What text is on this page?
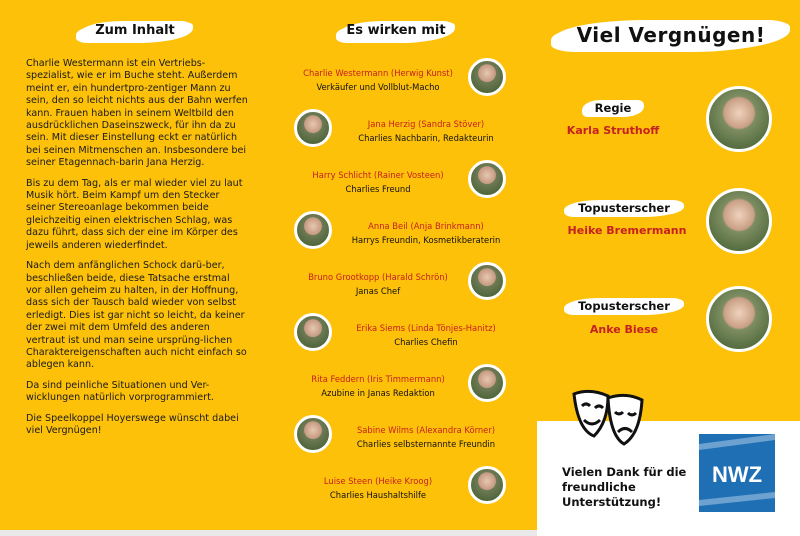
Zum Inhalt	Es wirken mit	Viel Vergnügen!

Charlie Westermann ist ein Vertriebs-spezialist, wie er im Buche steht. Außerdem meint er, ein hundertpro-zentiger Mann zu sein, den so leicht nichts aus der Bahn werfen kann. Frauen haben in seinem Weltbild den ausdrücklichen Daseinszweck, für ihn da zu sein. Mit dieser Einstellung eckt er natürlich bei seinen Mitmenschen an. Insbesondere bei seiner Etagennach-barin Jana Herzig.

Bis zu dem Tag, als er mal wieder viel zu laut Musik hört. Beim Kampf um den Stecker seiner Stereoanlage bekommen beide gleichzeitig einen elektrischen Schlag, was dazu führt, dass sich der eine im Körper des jeweils anderen wiederfindet.

Nach dem anfänglichen Schock darü-ber, beschließen beide, diese Tatsache erstmal vor allen geheim zu halten, in der Hoffnung, dass sich der Tausch bald wieder von selbst erledigt. Dies ist gar nicht so leicht, da keiner der zwei mit dem Umfeld des anderen vertraut ist und man seine ursprüng-lichen Charaktereigenschaften auch nicht einfach so ablegen kann.

Da sind peinliche Situationen und Ver-wicklungen natürlich vorprogrammiert.

Die Speelkoppel Hoyerswege wünscht dabei viel Vergnügen!

Charlie Westermann (Herwig Kunst)
Verkäufer und Vollblut-Macho
Jana Herzig (Sandra Stöver)
Charlies Nachbarin, Redakteurin
Harry Schlicht (Rainer Vosteen)
Charlies Freund
Anna Beil (Anja Brinkmann)
Harrys Freundin, Kosmetikberaterin
Bruno Grootkopp (Harald Schrön)
Janas Chef
Erika Siems (Linda Tönjes-Hanitz)
Charlies Chefin
Rita Feddern (Iris Timmermann)
Azubine in Janas Redaktion
Sabine Wilms (Alexandra Körner)
Charlies selbsternannte Freundin
Luise Steen (Heike Kroog)
Charlies Haushaltshilfe
Regie
Karla Struthoff
Topusterscher
Heike Bremermann
Topusterscher
Anke Biese
Vielen Dank für die freundliche Unterstützung!
NWZ
